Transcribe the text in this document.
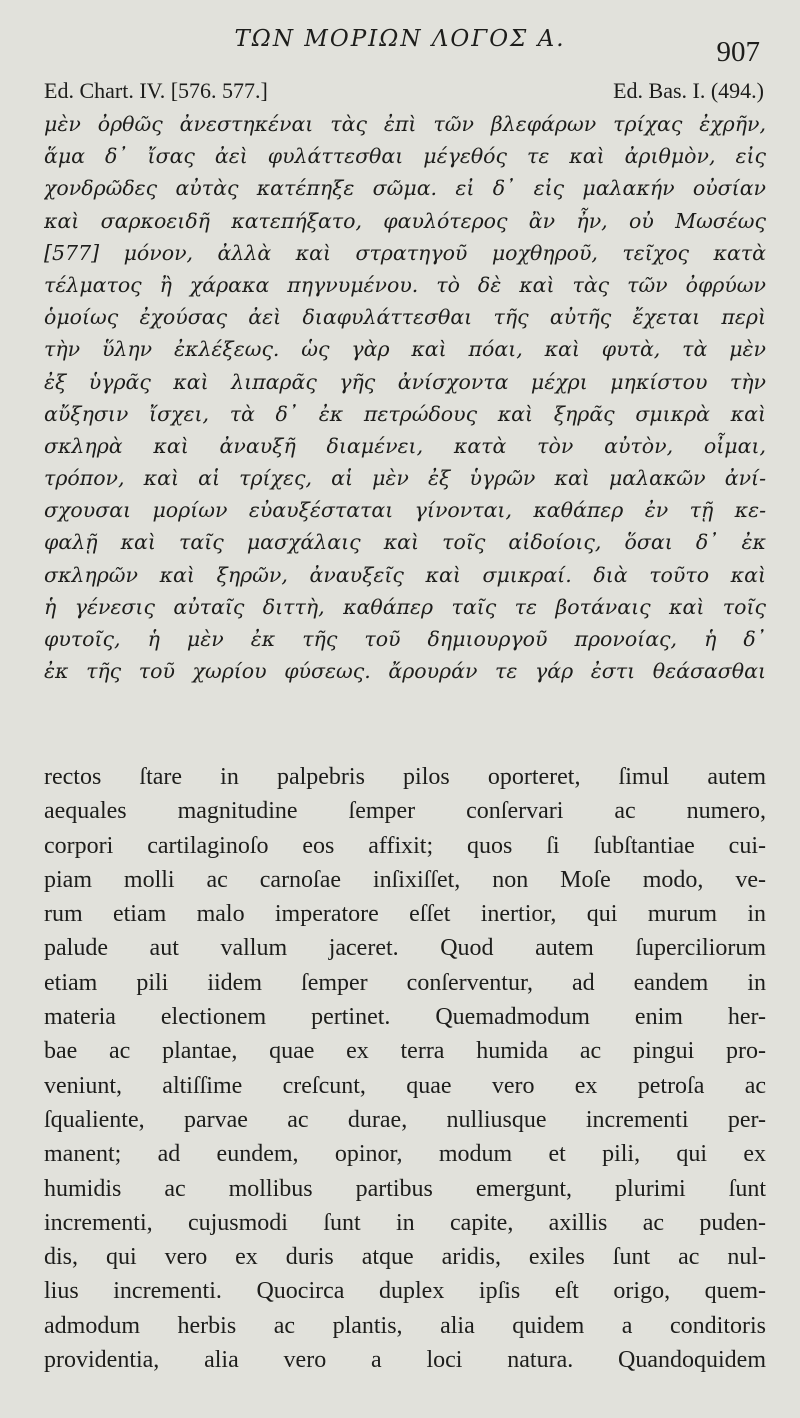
ΤΩΝ ΜΟΡΙΩΝ ΛΟΓΟΣ Α.	907
Ed. Chart. IV. [576. 577.]	Ed. Bas. I. (494.)
μὲν ὀρθῶς ἀνεστηκέναι τὰς ἐπὶ τῶν βλεφάρων τρίχας ἐχρῆν,
ἅμα δ᾽ ἴσας ἀεὶ φυλάττεσθαι μέγεθός τε καὶ ἀριθμὸν, εἰς
χονδρῶδες αὐτὰς κατέπηξε σῶμα. εἰ δ᾽ εἰς μαλακήν οὐσίαν
καὶ σαρκοειδῆ κατεπήξατο, φαυλότερος ἂν ἦν, οὐ Μωσέως
[577] μόνον, ἀλλὰ καὶ στρατηγοῦ μοχθηροῦ, τεῖχος κατὰ
τέλματος ἢ χάρακα πηγνυμένου. τὸ δὲ καὶ τὰς τῶν ὀφρύων
ὁμοίως ἐχούσας ἀεὶ διαφυλάττεσθαι τῆς αὐτῆς ἔχεται περὶ
τὴν ὕλην ἐκλέξεως. ὡς γὰρ καὶ πόαι, καὶ φυτὰ, τὰ μὲν
ἐξ ὑγρᾶς καὶ λιπαρᾶς γῆς ἀνίσχοντα μέχρι μηκίστου τὴν
αὔξησιν ἴσχει, τὰ δ᾽ ἐκ πετρώδους καὶ ξηρᾶς σμικρὰ καὶ
σκληρὰ καὶ ἀναυξῆ διαμένει, κατὰ τὸν αὐτὸν, οἶμαι,
τρόπον, καὶ αἱ τρίχες, αἱ μὲν ἐξ ὑγρῶν καὶ μαλακῶν ἀνί-
σχουσαι μορίων εὐαυξέσταται γίνονται, καθάπερ ἐν τῇ κε-
φαλῇ καὶ ταῖς μασχάλαις καὶ τοῖς αἰδοίοις, ὅσαι δ᾽ ἐκ
σκληρῶν καὶ ξηρῶν, ἀναυξεῖς καὶ σμικραί. διὰ τοῦτο καὶ
ἡ γένεσις αὐταῖς διττὴ, καθάπερ ταῖς τε βοτάναις καὶ τοῖς
φυτοῖς, ἡ μὲν ἐκ τῆς τοῦ δημιουργοῦ προνοίας, ἡ δ᾽
ἐκ τῆς τοῦ χωρίου φύσεως. ἄρουράν τε γάρ ἐστι θεάσασθαι
rectos ſtare in palpebris pilos oporteret, ſimul autem
aequales magnitudine ſemper conſervari ac numero,
corpori cartilaginoſo eos affixit; quos ſi ſubſtantiae cui-
piam molli ac carnoſae inſixiſſet, non Moſe modo, ve-
rum etiam malo imperatore eſſet inertior, qui murum in
palude aut vallum jaceret. Quod autem ſuperciliorum
etiam pili iidem ſemper conſerventur, ad eandem in
materia electionem pertinet. Quemadmodum enim her-
bae ac plantae, quae ex terra humida ac pingui pro-
veniunt, altiſſime creſcunt, quae vero ex petroſa ac
ſqualiente, parvae ac durae, nulliusque incrementi per-
manent; ad eundem, opinor, modum et pili, qui ex
humidis ac mollibus partibus emergunt, plurimi ſunt
incrementi, cujusmodi ſunt in capite, axillis ac puden-
dis, qui vero ex duris atque aridis, exiles ſunt ac nul-
lius incrementi. Quocirca duplex ipſis eſt origo, quem-
admodum herbis ac plantis, alia quidem a conditoris
providentia, alia vero a loci natura. Quandoquidem
